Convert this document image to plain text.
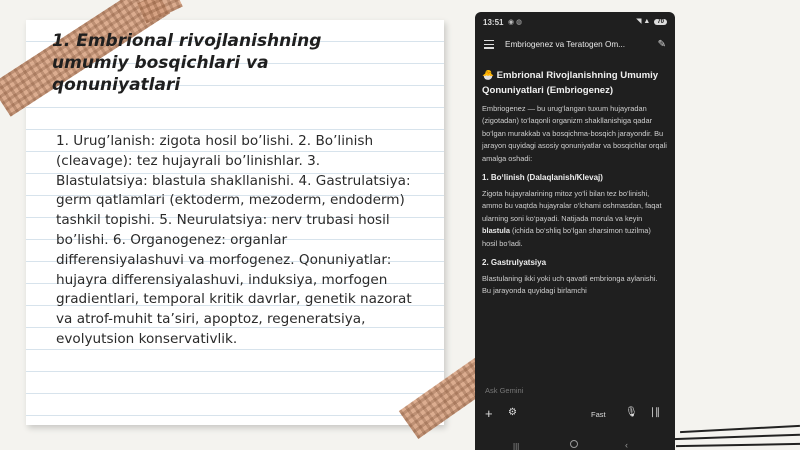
1. Embrional rivojlanishning umumiy bosqichlari va qonuniyatlari
1. Urug’lanish: zigota hosil bo’lishi. 2. Bo’linish (cleavage): tez hujayrali bo’linishlar. 3. Blastulatsiya: blastula shakllanishi. 4. Gastrulatsiya: germ qatlamlari (ektoderm, mezoderm, endoderm) tashkil topishi. 5. Neurulatsiya: nerv trubasi hosil bo’lishi. 6. Organogenez: organlar differensiyalashuvi va morfogenez. Qonuniyatlar: hujayra differensiyalashuvi, induksiya, morfogen gradientlari, temporal kritik davrlar, genetik nazorat va atrof-muhit ta’siri, apoptoz, regeneratsiya, evolyutsion konservativlik.
13:51 ◉ ◍	◥ ▲ 70
Embriogenez va Teratogen Om...	✎
🐣 Embrional Rivojlanishning Umumiy Qonuniyatlari (Embriogenez)
Embriogenez — bu urug‘langan tuxum hujayradan (zigotadan) to‘laqonli organizm shakllanishiga qadar bo‘lgan murakkab va bosqichma-bosqich jarayondir. Bu jarayon quyidagi asosiy qonuniyatlar va bosqichlar orqali amalga oshadi:
1. Bo‘linish (Dalaqlanish/Klevaj)
Zigota hujayralarining mitoz yo‘li bilan tez bo‘linishi, ammo bu vaqtda hujayralar o‘lchami oshmasdan, faqat ularning soni ko‘payadi. Natijada morula va keyin blastula (ichida bo‘shliq bo‘lgan sharsimon tuzilma) hosil bo‘ladi.
2. Gastrulyatsiya
Blastulaning ikki yoki uch qavatli embrionga aylanishi. Bu jarayonda quyidagi birlamchi
Ask Gemini
+ ⚙	Fast 🎙 ∣∥
|||	‹
